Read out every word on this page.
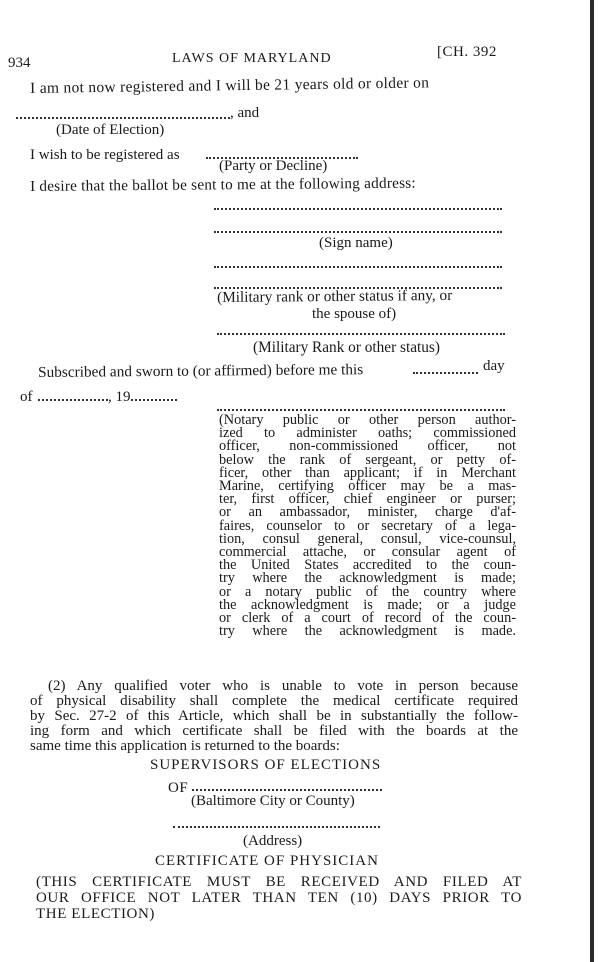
934	LAWS OF MARYLAND	[CH. 392
I am not now registered and I will be 21 years old or older on
, and
(Date of Election)
I wish to be registered as
(Party or Decline)
I desire that the ballot be sent to me at the following address:
(Sign name)
(Military rank or other status if any, or
the spouse of)
(Military Rank or other status)
Subscribed and sworn to (or affirmed) before me this	day
of	, 19
(Notary public or other person author-
ized to administer oaths; commissioned
officer, non-commissioned officer, not
below the rank of sergeant, or petty of-
ficer, other than applicant; if in Merchant
Marine, certifying officer may be a mas-
ter, first officer, chief engineer or purser;
or an ambassador, minister, charge d'af-
faires, counselor to or secretary of a lega-
tion, consul general, consul, vice-counsul,
commercial attache, or consular agent of
the United States accredited to the coun-
try where the acknowledgment is made;
or a notary public of the country where
the acknowledgment is made; or a judge
or clerk of a court of record of the coun-
try where the acknowledgment is made.
(2) Any qualified voter who is unable to vote in person because
of physical disability shall complete the medical certificate required
by Sec. 27-2 of this Article, which shall be in substantially the follow-
ing form and which certificate shall be filed with the boards at the
same time this application is returned to the boards:
SUPERVISORS OF ELECTIONS
OF
(Baltimore City or County)
(Address)
CERTIFICATE OF PHYSICIAN
(THIS CERTIFICATE MUST BE RECEIVED AND FILED AT
OUR OFFICE NOT LATER THAN TEN (10) DAYS PRIOR TO
THE ELECTION)
